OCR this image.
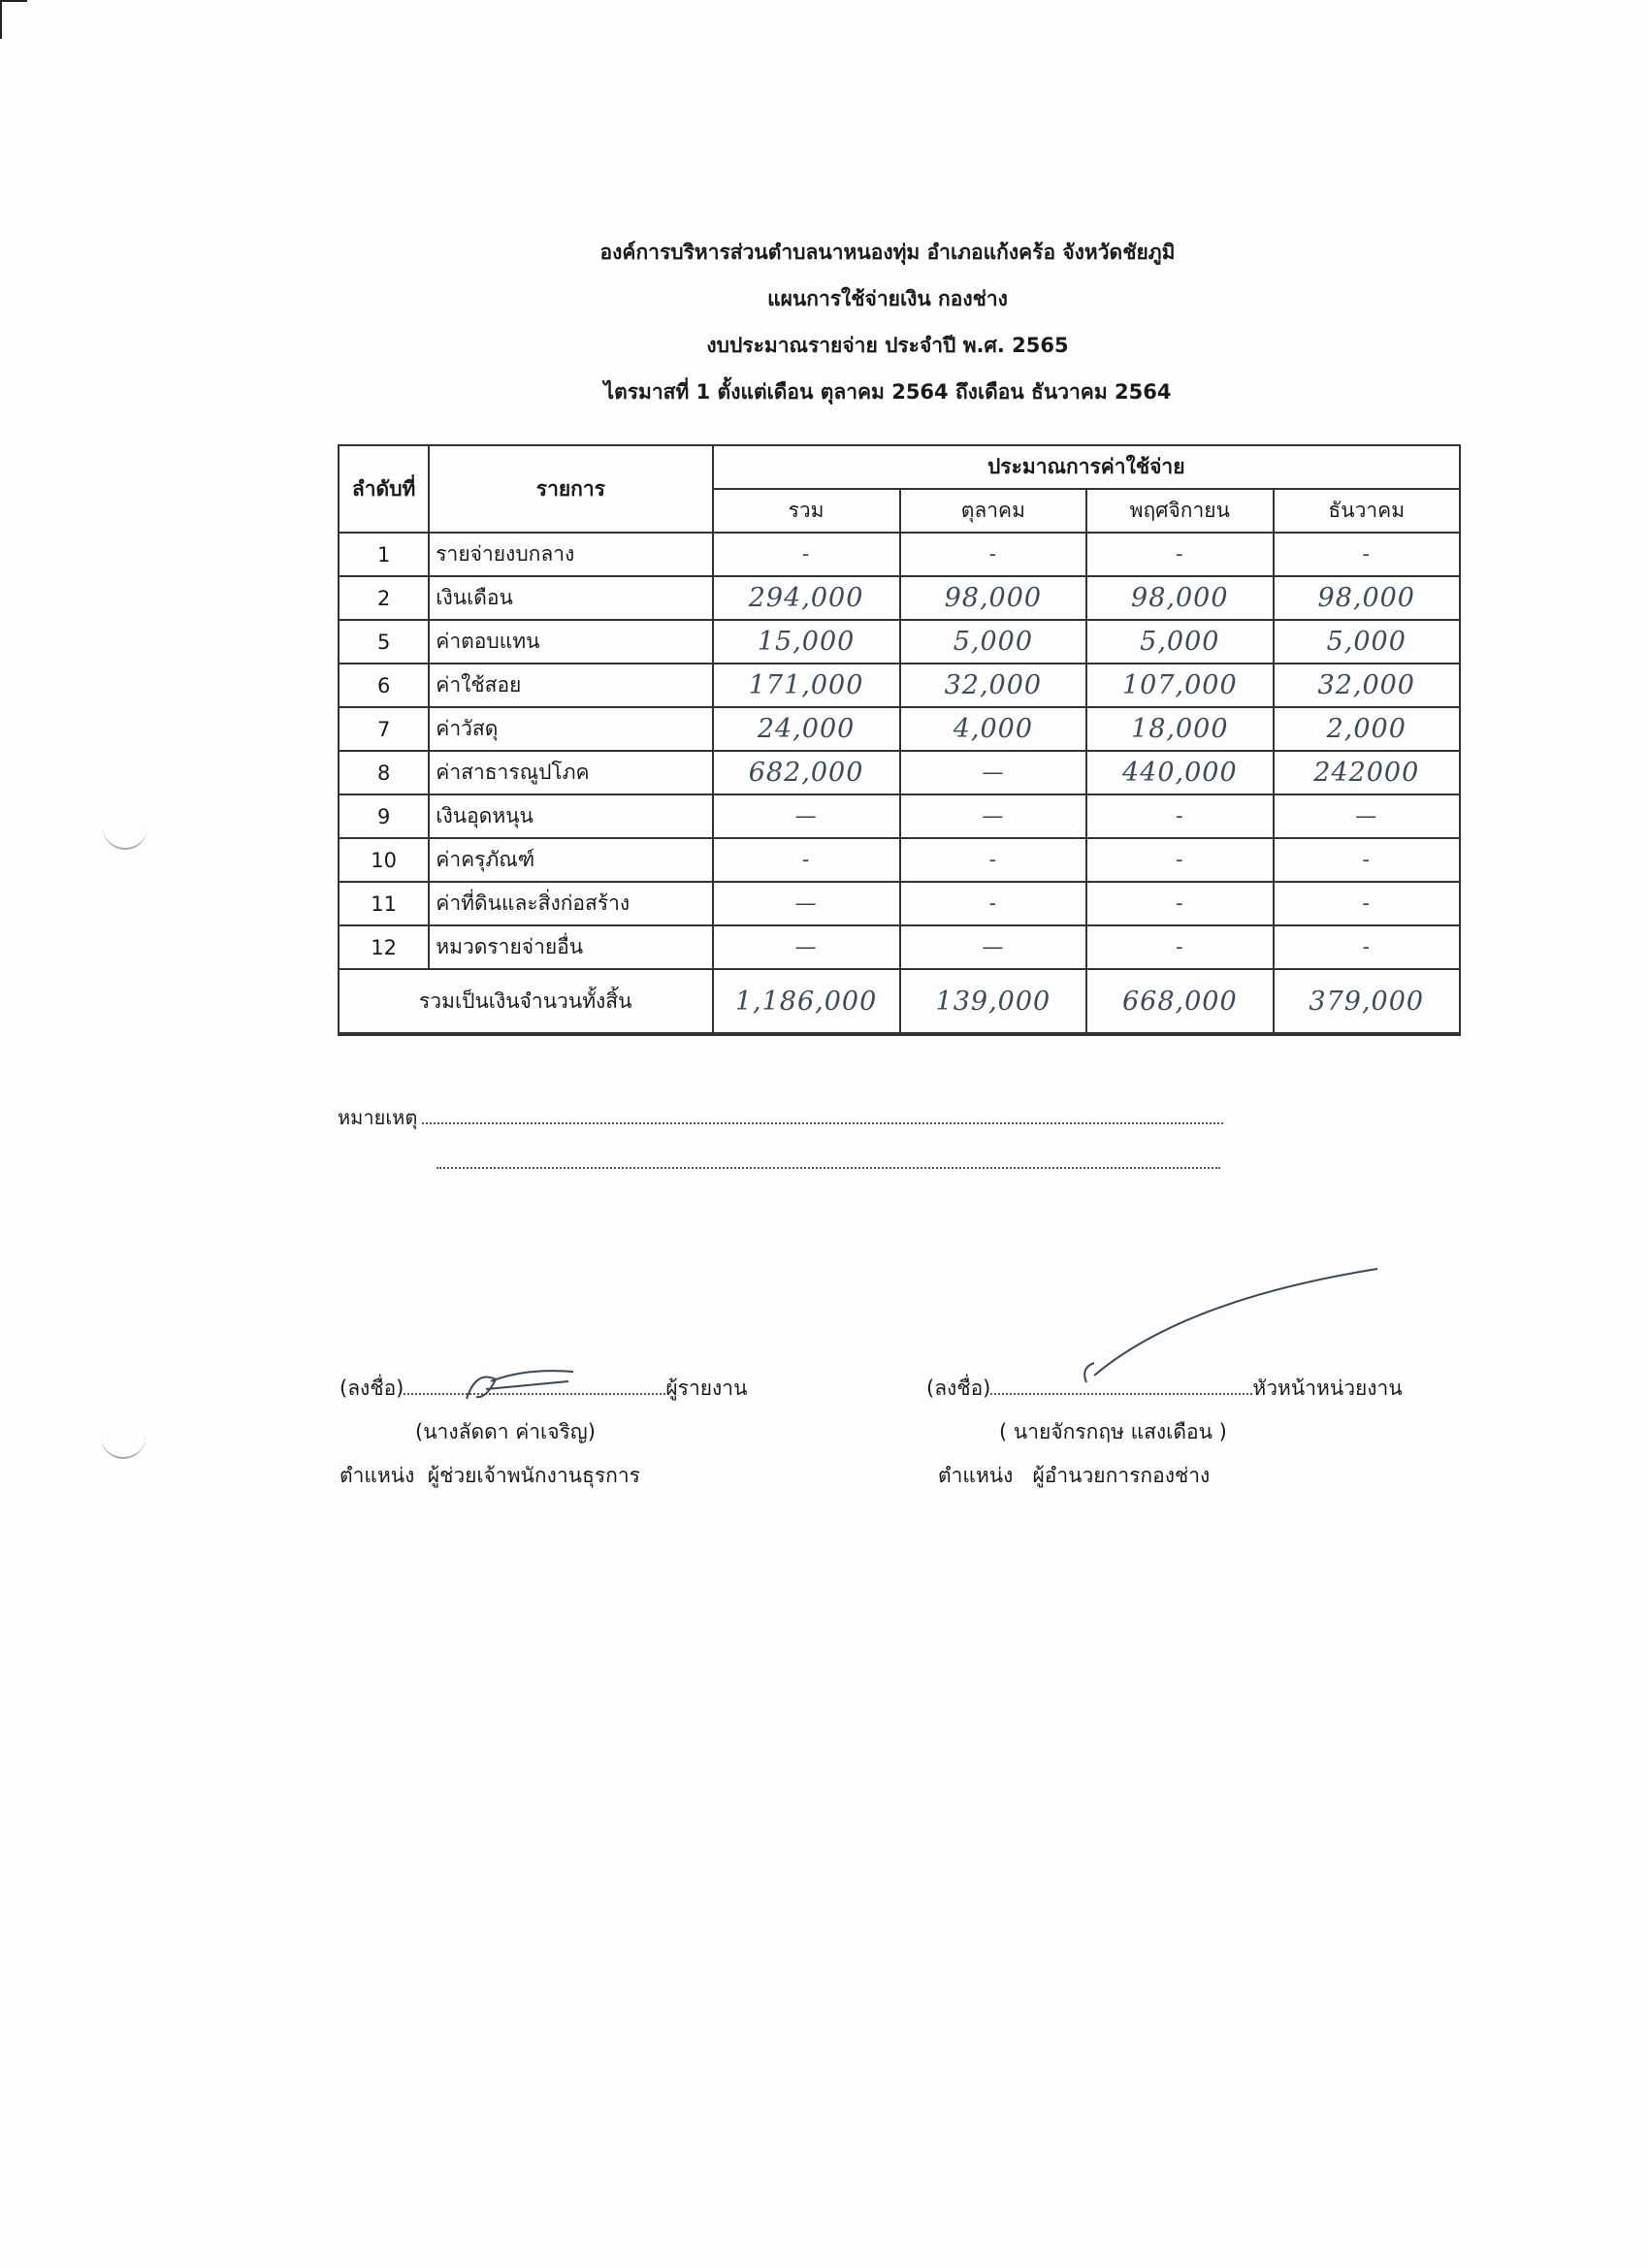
องค์การบริหารส่วนตำบลนาหนองทุ่ม อำเภอแก้งคร้อ จังหวัดชัยภูมิ
แผนการใช้จ่ายเงิน กองช่าง
งบประมาณรายจ่าย ประจำปี พ.ศ. 2565
ไตรมาสที่ 1 ตั้งแต่เดือน ตุลาคม 2564 ถึงเดือน ธันวาคม 2564
ลำดับที่	รายการ	ประมาณการค่าใช้จ่าย			
		รวม	ตุลาคม	พฤศจิกายน	ธันวาคม
1	รายจ่ายงบกลาง	-	-	-	-
2	เงินเดือน	294,000	98,000	98,000	98,000
5	ค่าตอบแทน	15,000	5,000	5,000	5,000
6	ค่าใช้สอย	171,000	32,000	107,000	32,000
7	ค่าวัสดุ	24,000	4,000	18,000	2,000
8	ค่าสาธารณูปโภค	682,000	—	440,000	242000
9	เงินอุดหนุน	—	—	-	—
10	ค่าครุภัณฑ์	-	-	-	-
11	ค่าที่ดินและสิ่งก่อสร้าง	—	-	-	-
12	หมวดรายจ่ายอื่น	—	—	-	-
รวมเป็นเงินจำนวนทั้งสิ้น		1,186,000	139,000	668,000	379,000
หมายเหตุ
(ลงชื่อ)	ผู้รายงาน
(นางลัดดา ค่าเจริญ)
ตำแหน่ง ผู้ช่วยเจ้าพนักงานธุรการ
(ลงชื่อ)	หัวหน้าหน่วยงาน
( นายจักรกฤษ แสงเดือน )
ตำแหน่ง ผู้อำนวยการกองช่าง
